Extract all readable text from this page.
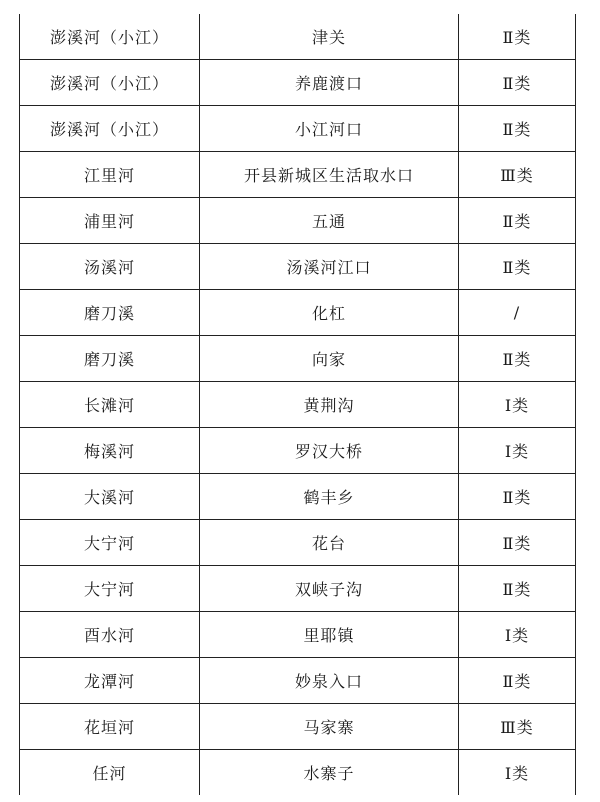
澎溪河（小江）	津关	Ⅱ类
澎溪河（小江）	养鹿渡口	Ⅱ类
澎溪河（小江）	小江河口	Ⅱ类
江里河	开县新城区生活取水口	Ⅲ类
浦里河	五通	Ⅱ类
汤溪河	汤溪河江口	Ⅱ类
磨刀溪	化杠	/
磨刀溪	向家	Ⅱ类
长滩河	黄荆沟	Ⅰ类
梅溪河	罗汉大桥	Ⅰ类
大溪河	鹤丰乡	Ⅱ类
大宁河	花台	Ⅱ类
大宁河	双峡子沟	Ⅱ类
酉水河	里耶镇	Ⅰ类
龙潭河	妙泉入口	Ⅱ类
花垣河	马家寨	Ⅲ类
任河	水寨子	Ⅰ类
